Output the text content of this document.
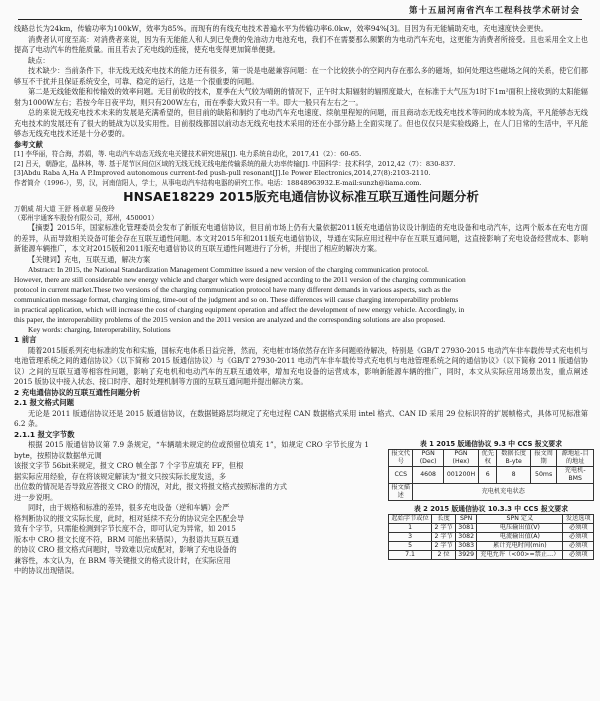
第十五届河南省汽车工程科技学术研讨会

线路总长为24km，传输功率为100kW，效率为85%。而现有的有线充电技术普遍水平为传输功率6.0kw，效率94%[3]。目因为有无能辅助充电，充电速度快会更快。

消费者认可度至高：对消费者来说，因为有无能能人和人到已免费的免油动力电池充电，我们不在需要那么频繁的为电动汽车充电，这更能为消费者所接受。且也采用全文上也提高了电动汽车的性能质量。而且若去了充电线的连接，使充电变得更加简单便捷。

缺点：

技术缺少：当前条件下，非无线无线充电技术的能力还有很多，第一说是电磁兼容问题：在一个比较狭小的空间内存在那么多的磁场，如何处理这些磁场之间的关系，使它们都够互不干扰并且保证系统安全，可靠、稳定的运行，这是一个很重要的问题。

第二是无线能效能和传输效的效率问题。无目前收的技术，夏季在大气较为晴朗的情况下，正午时太阳辐射的辐照度最大，在标准于大气压为1时下1m²面积上接收到的太阳能辐射为1000W左右；若按今年日夜平均，则只有200W左右，而在季泰大致只有一半。即大一般只有左右之一。

总的来说无线充电技术未来的发展是充满希望的，但目前的缺陷和制约了电动汽车充电速度、续航里程短的问题，而且商动态无线充电技术等问的成本较为高，平凡能够态无线充电技术的发展还有了很大的链战为以及实用性。目前很线都国以前动态无线充电技术采用的还在小部分路上全面实现了。但也仅仅只是实验线路上，在人门日常的生活中，平凡能够态无线充电技术还是十分必要的。

参考文献

[1] 李华丽，符合海，苏娟，等. 电动汽车动态无线充电关键技术研究进展[J]. 电力系统自动化，2017,41（2）：60-65.

[2] 吕天，朝静定，晶林林，等. 基于尾节区间位区域的无线无线无线电能传输系统的最大功率传输[J]. 中国科学：技术科学，2012,42（7）：830-837.

[3]Abdu Raba A,Ha A P.Improved autonomous current-fed push-pull resonant[J].Ie Power Electronics,2014,27(8):2103-2110.

作者简介（1996-），男，汉，河南信阳人，学士，从事电动汽车结构电器的研究工作。电话：18848963932.E-mail:sunzh@liama.com.

HNSAE18229 2015版充电通信协议标准互联互通性问题分析

万朝威 胡大道 王舒 杨卓超 吴俊玲

（郑州宇通客车股份有限公司，郑州，450001）

【摘要】2015年，国家标准化管理委员会发布了新版充电通信协议，但目前市场上仍有大量依据2011版充电通信协议设计制造的充电设备和电动汽车，这两个版本在充电方面的差异，从而导致相关设备可能会存在互联互通性问题。本文对2015年和2011版充电通信协议，导通在实际应用过程中存在互联互通问题，这直接影响了充电设备经营成本、影响新能源车辆推广，本文对2015版和2011版充电通信协议的互联互通性问题进行了分析，并提出了相应的解决方案。

【关键词】充电，互联互通，解决方案

Abstract: In 2015, the National Standardization Management Committee issued a new version of the charging communication protocol.

However, there are still considerable new energy vehicle and charger which were designed according to the 2011 version of the charging communication

protocol in current market.These two versions of the charging communication protocol have many different demands in various aspects, such as the

communication message format, charging timing, time-out of the judgment and so on. These differences will cause charging interoperability problems

in practical application, which will increase the cost of charging equipment operation and affect the development of new energy vehicle. Accordingly, in

this paper, the interoperability problems of the 2015 version and the 2011 version are analyzed and the corresponding solutions are also proposed.

Key words: charging, Interoperability, Solutions

1 前言

随着2015版系列充电标准的发布和实施，国标充电体系日益完善，然而，充电桩市场依然存在许多问题亟待解决，特别是《GB/T 27930-2015 电动汽车非车载传导式充电机与电池管理系统之间的通信协议》（以下简称 2015 版通信协议）与《GB/T 27930-2011 电动汽车非车载传导式充电机与电池管理系统之间的通信协议》（以下简称 2011 版通信协议）之间的互联互通等相容性问题，影响了充电机和电动汽车的互联互通效率，增加充电设备的运营成本，影响新能源车辆的推广，同时，本文从实际应用场景出发，重点阐述 2015 版协议中接入状态、接口时序、超时处理机制等方面的互联互通问题并提出解决方案。

2 充电通信协议的互联互通性问题分析

2.1 报文格式问题

无论是 2011 版通信协议还是 2015 版通信协议，在数据链路层均规定了充电过程 CAN 数据格式采用 intel 格式、CAN ID 采用 29 位标识符的扩展帧格式，具体可见标准第 6.2 条。

2.1.1 报文字节数

根据 2015 版通信协议第 7.9 条规定，“车辆端未规定的位或预留位填充 1”，如规定 CRO 字节长度为 1 byte，按照协议数据单元调

该报文字节 56bit来规定，报文 CRO 帧全部 7 个字节应填充 FF，但根

据实际应用经验，存在将该规定解读为“报文只按实际长度发送，多

出位数的情况是否导致应答报文 CRO 的情况，对此，报文将报文格式按照标准的方式

进一步说明。

同时，由于规格和标准的差异，很多充电设备（逆和车辆）会严

格判断协议的报文实际长度，此时，相对延续不充分的协议完全匹配会导

致有个字节，只需能检测到字节长度不合，即可认定为异常，如 2015

版本中 CRO 报文长度不符，BRM 可能出来错误），为报语共互联互通

的协议 CRO 报文格式问题时，导致难以完成配对，影响了充电设备的

兼容性，本文认为，在 BRM 等关键报文的格式设计时，在实际应用

中的协议出现错误。

表 1 2015 版通信协议 9.3 中 CCS 报文要求
报文代号	PGN (Dec)	PGN (Hex)	优先权	数据长度 B-yte	报文周期	源地址-目的地址
CCS	4608	001200H	6	8	50ms	充电机-BMS
报文描述	充电机充电状态					
表 2 2015 版通信协议 10.3.3 中 CCS 报文要求
起始字节或位	长度	SPN	SPN 定义	发送选项
1	2 字节	3081	电压输出值(V)	必须项
3	2 字节	3082	电流输出值(A)	必须项
5	2 字节	3083	累计充电时间(min)	必须项
7.1	2 位	3929	充电允许（<00>=禁止…）	必须项
